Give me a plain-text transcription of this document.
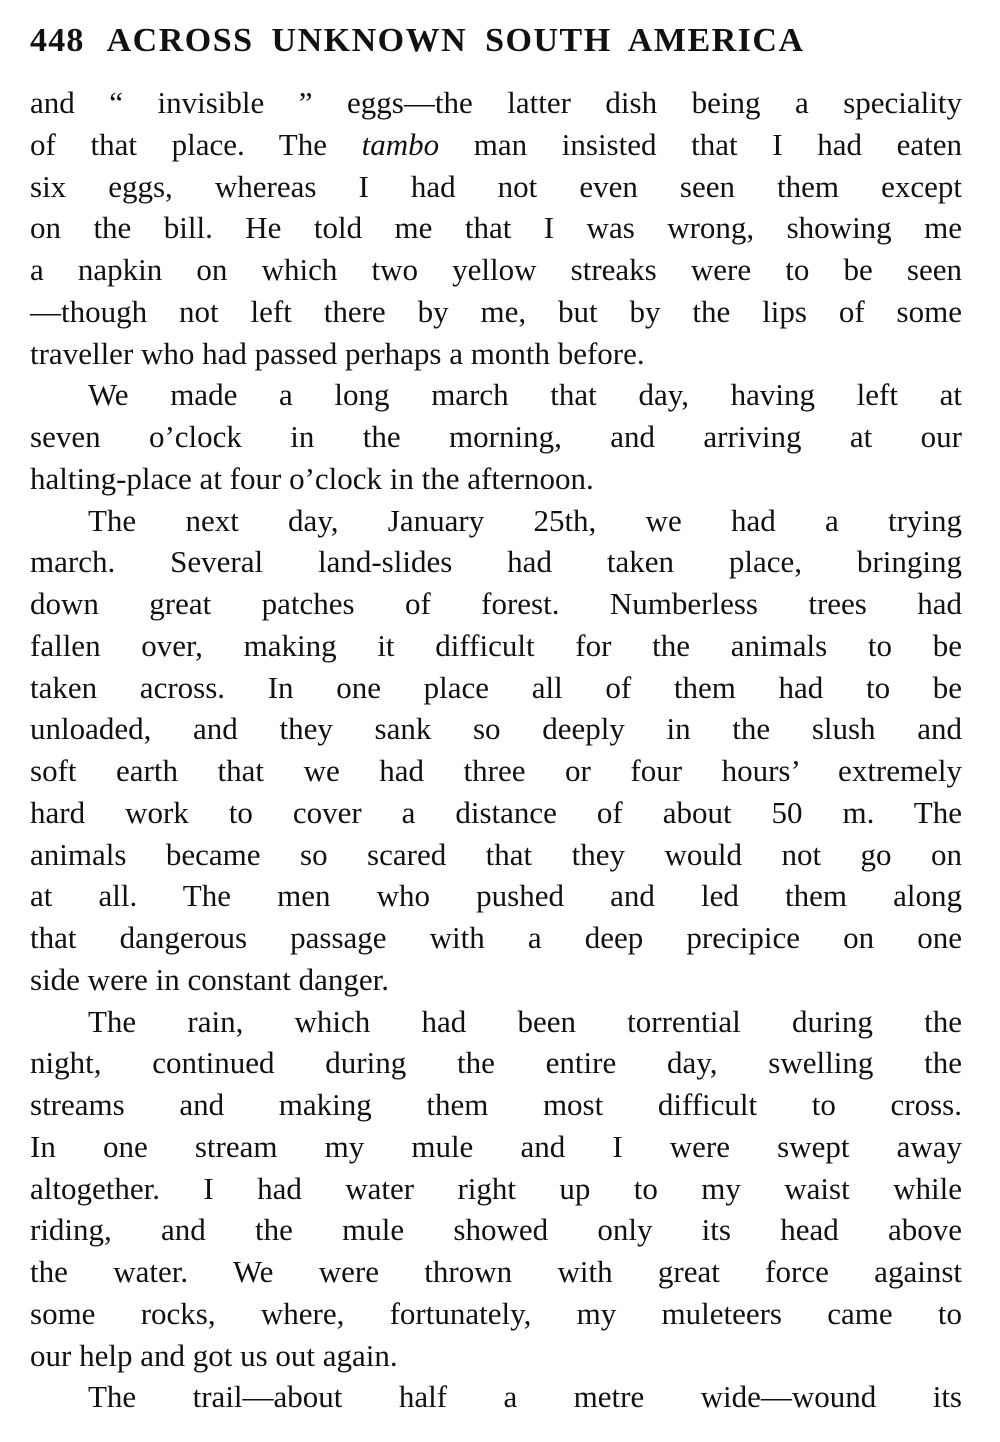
448 ACROSS UNKNOWN SOUTH AMERICA
and “ invisible ” eggs—the latter dish being a speciality
of that place. The tambo man insisted that I had eaten
six eggs, whereas I had not even seen them except
on the bill. He told me that I was wrong, showing me
a napkin on which two yellow streaks were to be seen
—though not left there by me, but by the lips of some
traveller who had passed perhaps a month before.
We made a long march that day, having left at
seven o’clock in the morning, and arriving at our
halting-place at four o’clock in the afternoon.
The next day, January 25th, we had a trying
march. Several land-slides had taken place, bringing
down great patches of forest. Numberless trees had
fallen over, making it difficult for the animals to be
taken across. In one place all of them had to be
unloaded, and they sank so deeply in the slush and
soft earth that we had three or four hours’ extremely
hard work to cover a distance of about 50 m. The
animals became so scared that they would not go on
at all. The men who pushed and led them along
that dangerous passage with a deep precipice on one
side were in constant danger.
The rain, which had been torrential during the
night, continued during the entire day, swelling the
streams and making them most difficult to cross.
In one stream my mule and I were swept away
altogether. I had water right up to my waist while
riding, and the mule showed only its head above
the water. We were thrown with great force against
some rocks, where, fortunately, my muleteers came to
our help and got us out again.
The trail—about half a metre wide—wound its
